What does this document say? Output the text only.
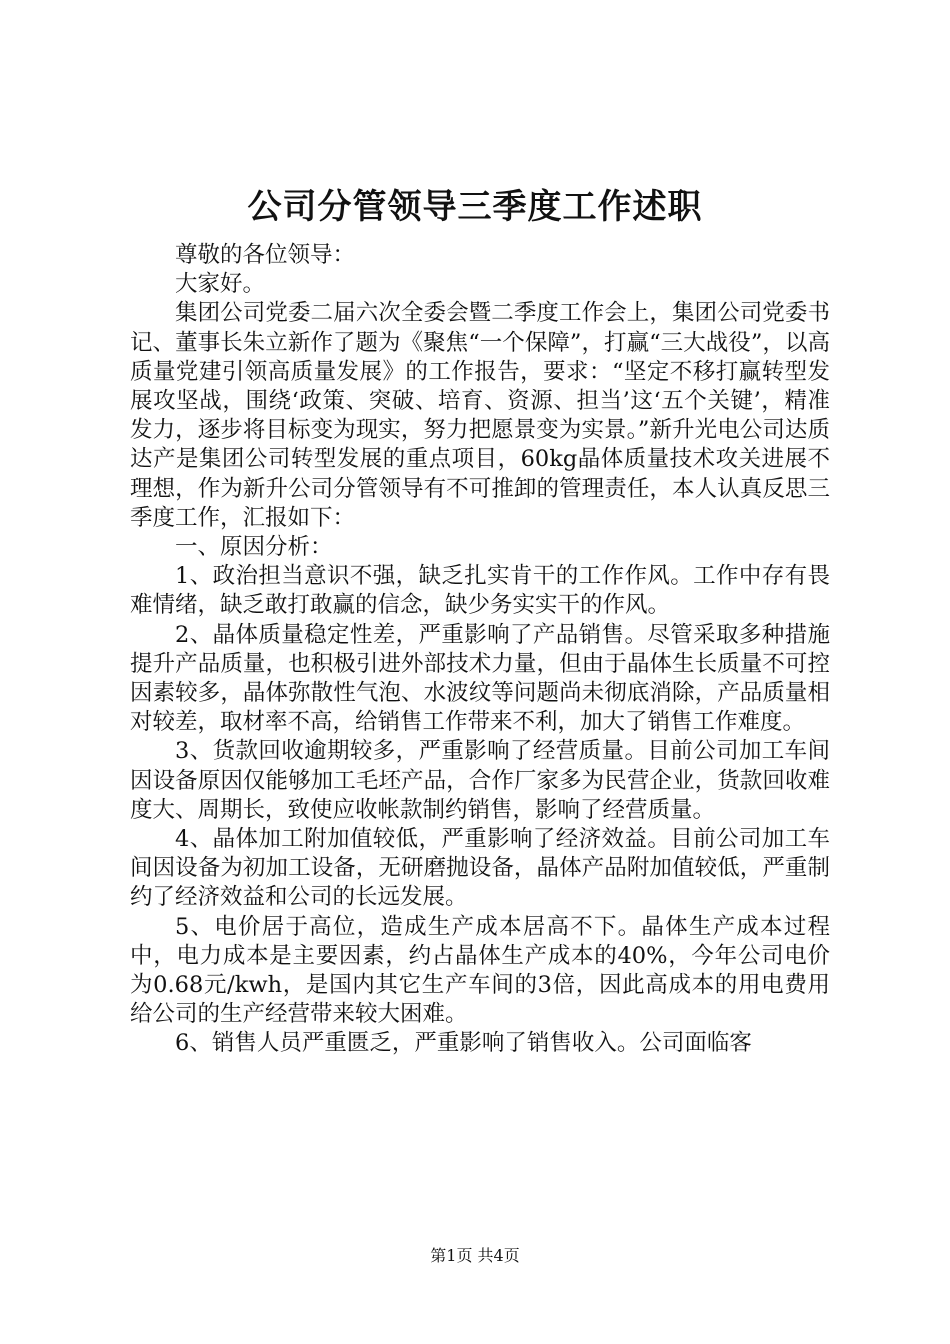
公司分管领导三季度工作述职

尊敬的各位领导：

大家好。

集团公司党委二届六次全委会暨二季度工作会上，集团公司党委书记、董事长朱立新作了题为《聚焦“一个保障”，打赢“三大战役”，以高质量党建引领高质量发展》的工作报告，要求：“坚定不移打赢转型发展攻坚战，围绕‘政策、突破、培育、资源、担当’这‘五个关键’，精准发力，逐步将目标变为现实，努力把愿景变为实景。”新升光电公司达质达产是集团公司转型发展的重点项目，60kg晶体质量技术攻关进展不理想，作为新升公司分管领导有不可推卸的管理责任，本人认真反思三季度工作，汇报如下：

一、原因分析：

1、政治担当意识不强，缺乏扎实肯干的工作作风。工作中存有畏难情绪，缺乏敢打敢赢的信念，缺少务实实干的作风。

2、晶体质量稳定性差，严重影响了产品销售。尽管采取多种措施提升产品质量，也积极引进外部技术力量，但由于晶体生长质量不可控因素较多，晶体弥散性气泡、水波纹等问题尚未彻底消除，产品质量相对较差，取材率不高，给销售工作带来不利，加大了销售工作难度。

3、货款回收逾期较多，严重影响了经营质量。目前公司加工车间因设备原因仅能够加工毛坯产品，合作厂家多为民营企业，货款回收难度大、周期长，致使应收帐款制约销售，影响了经营质量。

4、晶体加工附加值较低，严重影响了经济效益。目前公司加工车间因设备为初加工设备，无研磨抛设备，晶体产品附加值较低，严重制约了经济效益和公司的长远发展。

5、电价居于高位，造成生产成本居高不下。晶体生产成本过程中，电力成本是主要因素，约占晶体生产成本的40%，今年公司电价为0.68元/kwh，是国内其它生产车间的3倍，因此高成本的用电费用给公司的生产经营带来较大困难。

6、销售人员严重匮乏，严重影响了销售收入。公司面临客

第1页 共4页
